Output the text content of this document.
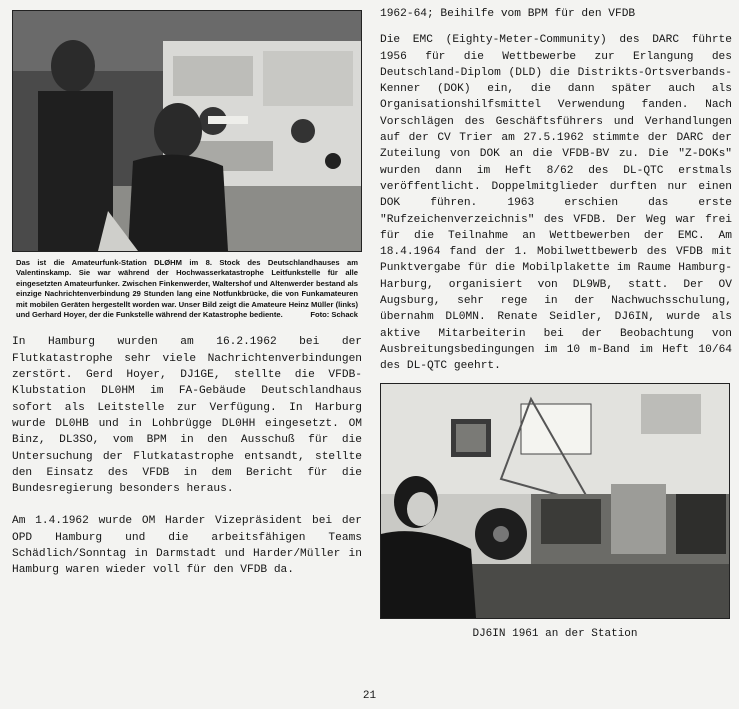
Das ist die Amateurfunk-Station DLØHM im 8. Stock des Deutschlandhauses am Valentinskamp. Sie war während der Hochwasserkatastrophe Leitfunkstelle für alle eingesetzten Amateurfunker. Zwischen Finkenwerder, Waltershof und Altenwerder bestand als einzige Nachrichtenverbindung 29 Stunden lang eine Notfunkbrücke, die von Funkamateuren mit mobilen Geräten hergestellt worden war. Unser Bild zeigt die Amateure Heinz Müller (links) und Gerhard Hoyer, der die Funkstelle während der Katastrophe bediente.	Foto: Schack

In Hamburg wurden am 16.2.1962 bei der Flutkatastrophe sehr viele Nachrichtenverbindungen zerstört. Gerd Hoyer, DJ1GE, stellte die VFDB-Klubstation DL0HM im FA-Gebäude Deutschlandhaus sofort als Leitstelle zur Verfügung. In Harburg wurde DL0HB und in Lohbrügge DL0HH eingesetzt. OM Binz, DL3SO, vom BPM in den Ausschuß für die Untersuchung der Flutkatastrophe entsandt, stellte den Einsatz des VFDB in dem Bericht für die Bundesregierung besonders heraus.

Am 1.4.1962 wurde OM Harder Vizepräsident bei der OPD Hamburg und die arbeitsfähigen Teams Schädlich/Sonntag in Darmstadt und Harder/Müller in Hamburg waren wieder voll für den VFDB da.

1962-64; Beihilfe vom BPM für den VFDB

Die EMC (Eighty-Meter-Community) des DARC führte 1956 für die Wettbewerbe zur Erlangung des Deutschland-Diplom (DLD) die Distrikts-Ortsverbands-Kenner (DOK) ein, die dann später auch als Organisationshilfsmittel Verwendung fanden. Nach Vorschlägen des Geschäftsführers und Verhandlungen auf der CV Trier am 27.5.1962 stimmte der DARC der Zuteilung von DOK an die VFDB-BV zu. Die "Z-DOKs" wurden dann im Heft 8/62 des DL-QTC erstmals veröffentlicht. Doppelmitglieder durften nur einen DOK führen. 1963 erschien das erste "Rufzeichenverzeichnis" des VFDB. Der Weg war frei für die Teilnahme an Wettbewerben der EMC. Am 18.4.1964 fand der 1. Mobilwettbewerb des VFDB mit Punktvergabe für die Mobilplakette im Raume Hamburg-Harburg, organisiert von DL9WB, statt. Der OV Augsburg, sehr rege in der Nachwuchsschulung, übernahm DL0MN. Renate Seidler, DJ6IN, wurde als aktive Mitarbeiterin bei der Beobachtung von Ausbreitungsbedingungen im 10 m-Band im Heft 10/64 des DL-QTC geehrt.

DJ6IN 1961 an der Station
21
